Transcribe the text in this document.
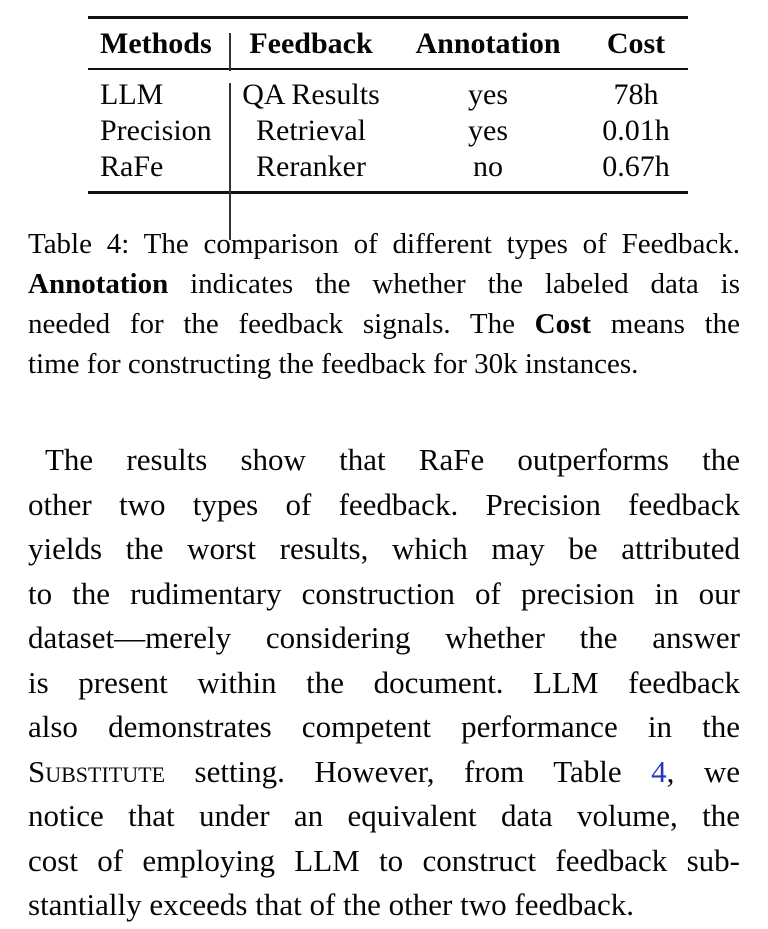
Methods	Feedback	Annotation	Cost
LLM	QA Results	yes	78h
Precision	Retrieval	yes	0.01h
RaFe	Reranker	no	0.67h
Table 4: The comparison of different types of Feedback.
Annotation indicates the whether the labeled data is
needed for the feedback signals. The Cost means the
time for constructing the feedback for 30k instances.
The results show that RaFe outperforms the
other two types of feedback. Precision feedback
yields the worst results, which may be attributed
to the rudimentary construction of precision in our
dataset—merely considering whether the answer
is present within the document. LLM feedback
also demonstrates competent performance in the
Substitute setting. However, from Table 4, we
notice that under an equivalent data volume, the
cost of employing LLM to construct feedback sub-
stantially exceeds that of the other two feedback.
